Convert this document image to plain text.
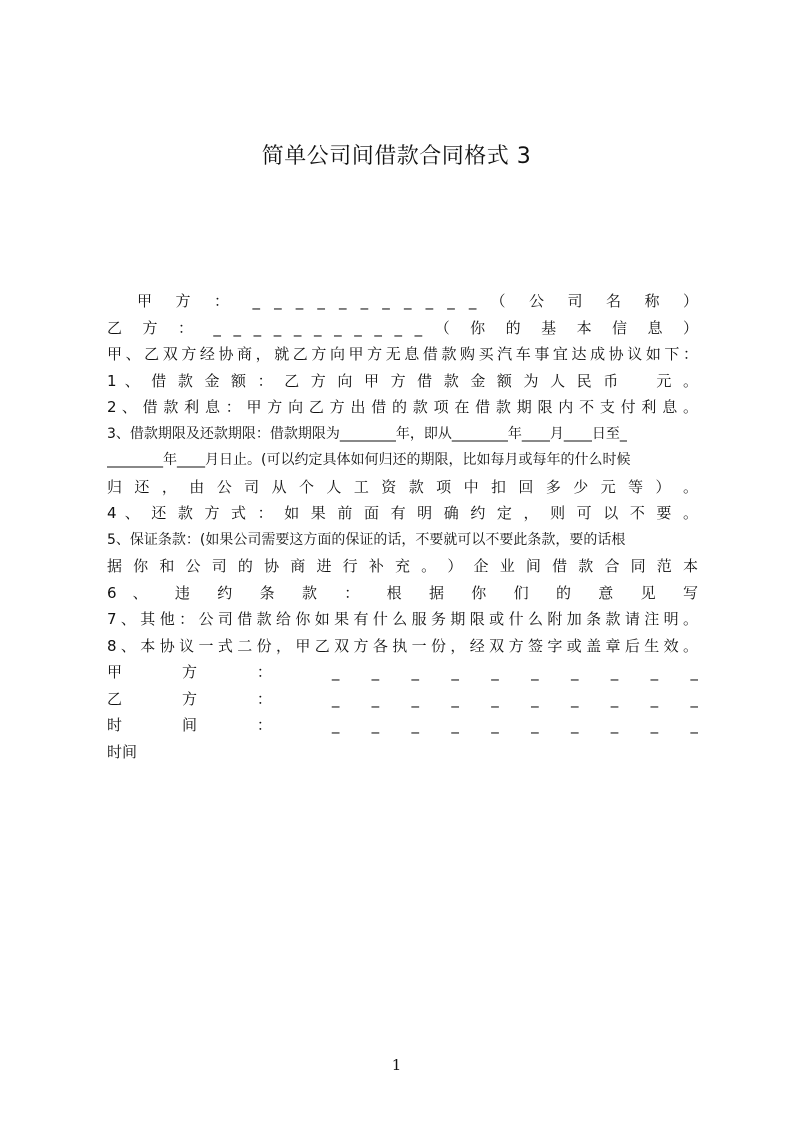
简单公司间借款合同格式 3
甲 方 ： _ _ _ _ _ _ _ _ _ _ _ （ 公 司 名 称 ）
乙 方 ： _ _ _ _ _ _ _ _ _ _ _ （ 你 的 基 本 信 息 ）
甲、乙双方经协商，就乙方向甲方无息借款购买汽车事宜达成协议如下：
1 、 借 款 金 额 ： 乙 方 向 甲 方 借 款 金 额 为 人 民 币 　 元 。
2 、 借 款 利 息 ： 甲 方 向 乙 方 出 借 的 款 项 在 借 款 期 限 内 不 支 付 利 息 。
3、借款期限及还款期限：借款期限为________年，即从________年____月____日至_
________年____月日止。(可以约定具体如何归还的期限，比如每月或每年的什么时候
归 还 ， 由 公 司 从 个 人 工 资 款 项 中 扣 回 多 少 元 等 ） 。
4 、 还 款 方 式 ： 如 果 前 面 有 明 确 约 定 ， 则 可 以 不 要 。
5、保证条款：(如果公司需要这方面的保证的话，不要就可以不要此条款，要的话根
据 你 和 公 司 的 协 商 进 行 补 充 。 ） 企 业 间 借 款 合 同 范 本
6 、 违 约 条 款 ： 根 据 你 们 的 意 见 写
7、其他：公司借款给你如果有什么服务期限或什么附加条款请注明。
8、本协议一式二份，甲乙双方各执一份，经双方签字或盖章后生效。
甲 方 ： _ _ _ _ _ _ _ _ _ _
乙 方 ： _ _ _ _ _ _ _ _ _ _
时 间 ： _ _ _ _ _ _ _ _ _ _
时间
1
